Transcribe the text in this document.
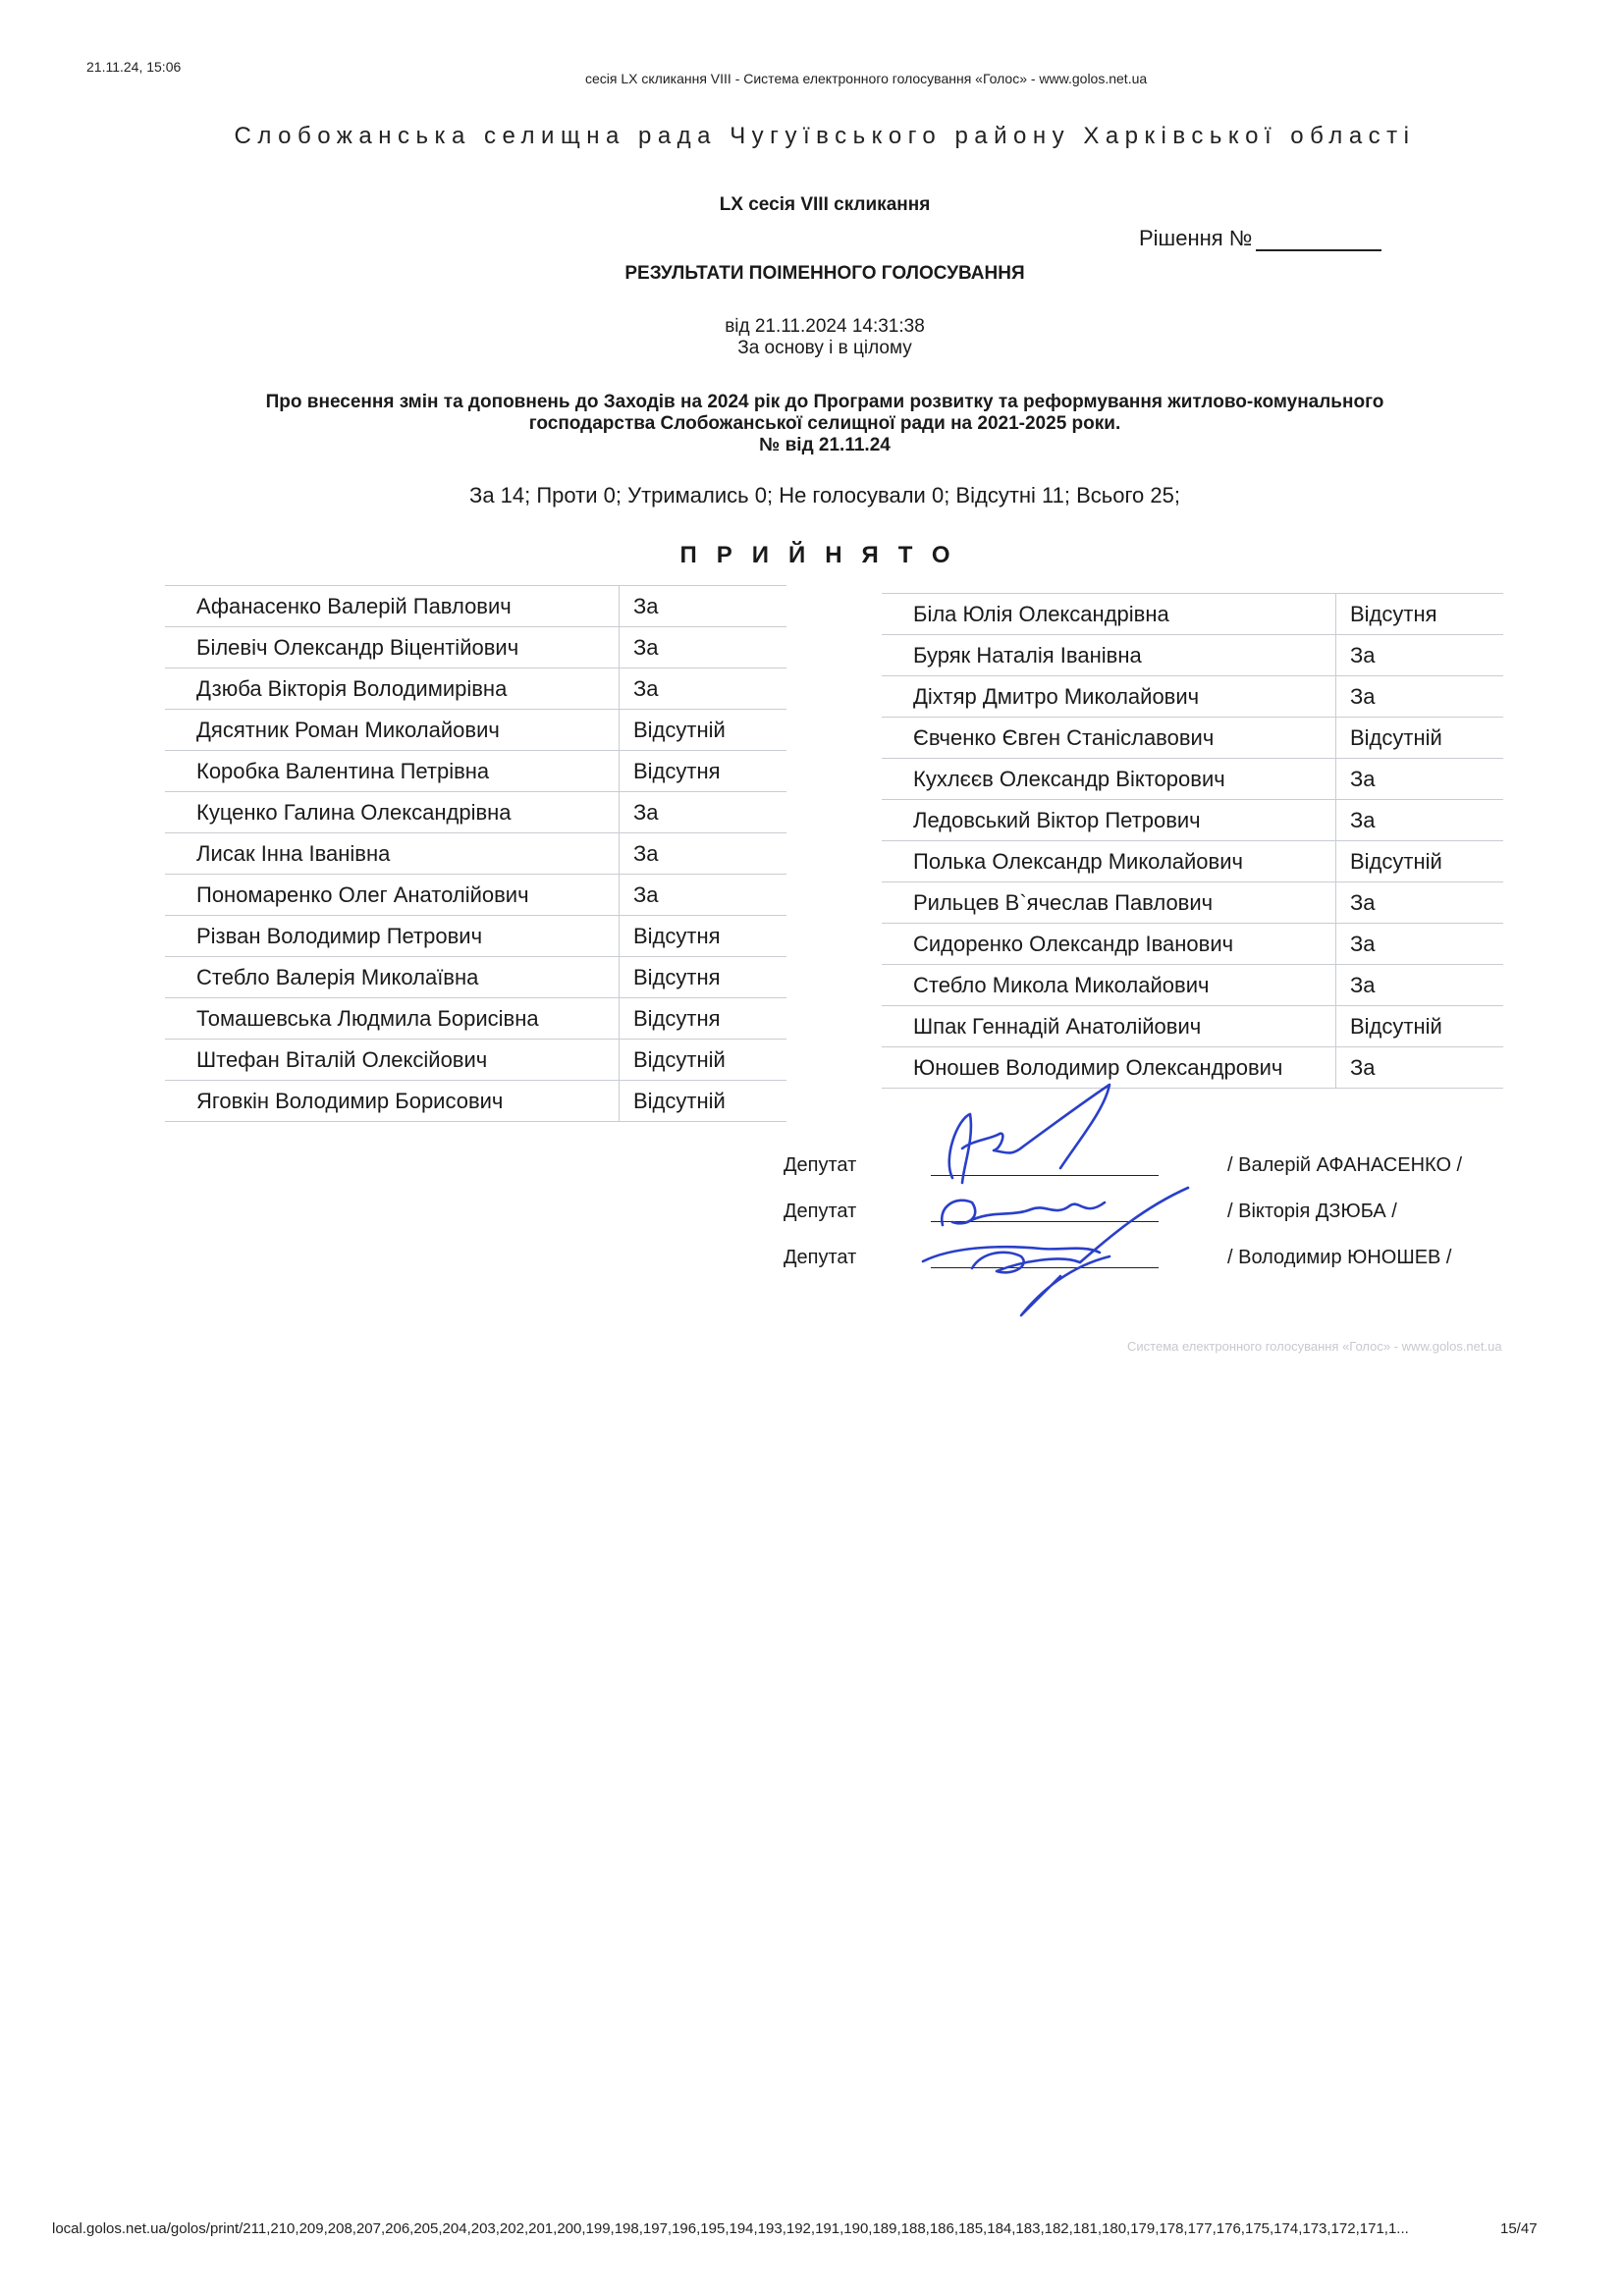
21.11.24, 15:06
сесія LX скликання VIII - Система електронного голосування «Голос» - www.golos.net.ua
Слобожанська селищна рада Чугуївського району Харківської області
LX сесія VIII скликання
Рішення №
РЕЗУЛЬТАТИ ПОІМЕННОГО ГОЛОСУВАННЯ
від 21.11.2024 14:31:38
За основу і в цілому
Про внесення змін та доповнень до Заходів на 2024 рік до Програми розвитку та реформування житлово-комунального
господарства Слобожанської селищної ради на 2021-2025 роки.
№ від 21.11.24
За 14; Проти 0; Утримались 0; Не голосували 0; Відсутні 11; Всього 25;
ПРИЙНЯТО
Афанасенко Валерій Павлович	За
Білевіч Олександр Віцентійович	За
Дзюба Вікторія Володимирівна	За
Дясятник Роман Миколайович	Відсутній
Коробка Валентина Петрівна	Відсутня
Куценко Галина Олександрівна	За
Лисак Інна Іванівна	За
Пономаренко Олег Анатолійович	За
Різван Володимир Петрович	Відсутня
Стебло Валерія Миколаївна	Відсутня
Томашевська Людмила Борисівна	Відсутня
Штефан Віталій Олексійович	Відсутній
Яговкін Володимир Борисович	Відсутній
Біла Юлія Олександрівна	Відсутня
Буряк Наталія Іванівна	За
Діхтяр Дмитро Миколайович	За
Євченко Євген Станіславович	Відсутній
Кухлєєв Олександр Вікторович	За
Ледовський Віктор Петрович	За
Полька Олександр Миколайович	Відсутній
Рильцев В`ячеслав Павлович	За
Сидоренко Олександр Іванович	За
Стебло Микола Миколайович	За
Шпак Геннадій Анатолійович	Відсутній
Юношев Володимир Олександрович	За
Депутат	/ Валерій АФАНАСЕНКО /
Депутат	/ Вікторія ДЗЮБА /
Депутат	/ Володимир ЮНОШЕВ /
Система електронного голосування «Голос» - www.golos.net.ua
local.golos.net.ua/golos/print/211,210,209,208,207,206,205,204,203,202,201,200,199,198,197,196,195,194,193,192,191,190,189,188,186,185,184,183,182,181,180,179,178,177,176,175,174,173,172,171,1...	15/47
